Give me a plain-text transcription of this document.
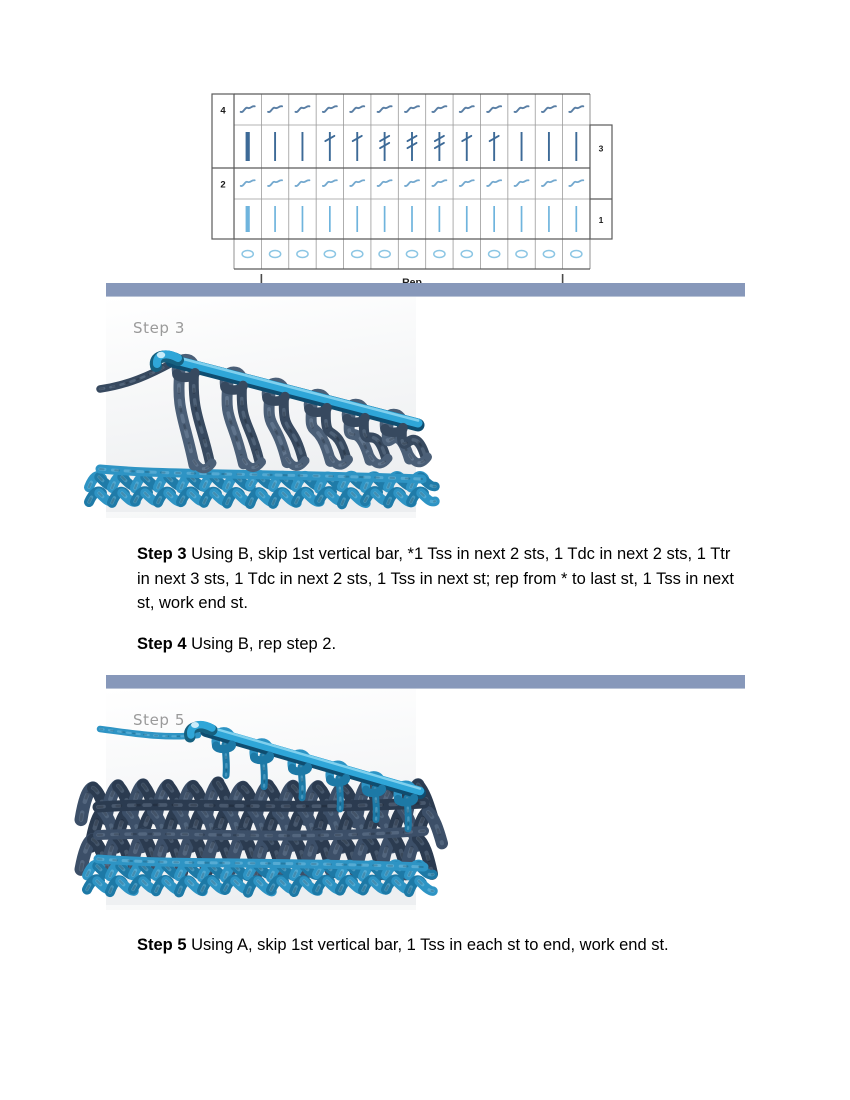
4
2
3
1
Step 3
Step 3 Using B, skip 1st vertical bar, *1 Tss in next 2 sts, 1 Tdc in next 2 sts, 1 Ttr in next 3 sts, 1 Tdc in next 2 sts, 1 Tss in next st; rep from * to last st, 1 Tss in next st, work end st.
Step 4 Using B, rep step 2.
Step 5
Step 5 Using A, skip 1st vertical bar, 1 Tss in each st to end, work end st.
